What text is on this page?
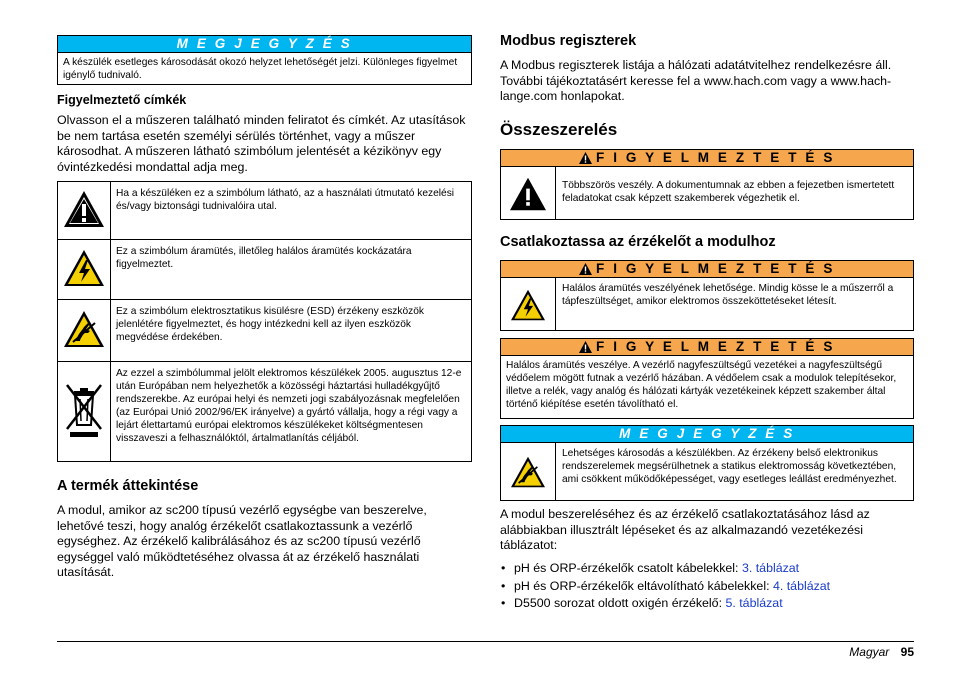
M E G J E G Y Z É S
A készülék esetleges károsodását okozó helyzet lehetőségét jelzi. Különleges figyelmet igénylő tudnivaló.
Figyelmeztető címkék
Olvasson el a műszeren található minden feliratot és címkét. Az utasítások be nem tartása esetén személyi sérülés történhet, vagy a műszer károsodhat. A műszeren látható szimbólum jelentését a kézikönyv egy óvintézkedési mondattal adja meg.
	Ha a készüléken ez a szimbólum látható, az a használati útmutató kezelési és/vagy biztonsági tudnivalóira utal.
	Ez a szimbólum áramütés, illetőleg halálos áramütés kockázatára figyelmeztet.
	Ez a szimbólum elektrosztatikus kisülésre (ESD) érzékeny eszközök jelenlétére figyelmeztet, és hogy intézkedni kell az ilyen eszközök megvédése érdekében.
	Az ezzel a szimbólummal jelölt elektromos készülékek 2005. augusztus 12-e után Európában nem helyezhetők a közösségi háztartási hulladékgyűjtő rendszerekbe. Az európai helyi és nemzeti jogi szabályozásnak megfelelően (az Európai Unió 2002/96/EK irányelve) a gyártó vállalja, hogy a régi vagy a lejárt élettartamú európai elektromos készülékeket költségmentesen visszaveszi a felhasználóktól, ártalmatlanítás céljából.
A termék áttekintése
A modul, amikor az sc200 típusú vezérlő egységbe van beszerelve, lehetővé teszi, hogy analóg érzékelőt csatlakoztassunk a vezérlő egységhez. Az érzékelő kalibrálásához és az sc200 típusú vezérlő egységgel való működtetéséhez olvassa át az érzékelő használati utasítását.
Modbus regiszterek
A Modbus regiszterek listája a hálózati adatátvitelhez rendelkezésre áll. További tájékoztatásért keresse fel a www.hach.com vagy a www.hach-lange.com honlapokat.
Összeszerelés
F I G Y E L M E Z T E T É S
Többszörös veszély. A dokumentumnak az ebben a fejezetben ismertetett feladatokat csak képzett szakemberek végezhetik el.
Csatlakoztassa az érzékelőt a modulhoz
F I G Y E L M E Z T E T É S
Halálos áramütés veszélyének lehetősége. Mindig kösse le a műszerről a tápfeszültséget, amikor elektromos összeköttetéseket létesít.
F I G Y E L M E Z T E T É S
Halálos áramütés veszélye. A vezérlő nagyfeszültségű vezetékei a nagyfeszültségű védőelem mögött futnak a vezérlő házában. A védőelem csak a modulok telepítésekor, illetve a relék, vagy analóg és hálózati kártyák vezetékeinek képzett szakember által történő kiépítése esetén távolítható el.
M E G J E G Y Z É S
Lehetséges károsodás a készülékben. Az érzékeny belső elektronikus rendszerelemek megsérülhetnek a statikus elektromosság következtében, ami csökkent működőképességet, vagy esetleges leállást eredményezhet.
A modul beszereléséhez és az érzékelő csatlakoztatásához lásd az alábbiakban illusztrált lépéseket és az alkalmazandó vezetékezési táblázatot:
• pH és ORP-érzékelők csatolt kábelekkel: 3. táblázat
• pH és ORP-érzékelők eltávolítható kábelekkel: 4. táblázat
• D5500 sorozat oldott oxigén érzékelő: 5. táblázat
Magyar 95
